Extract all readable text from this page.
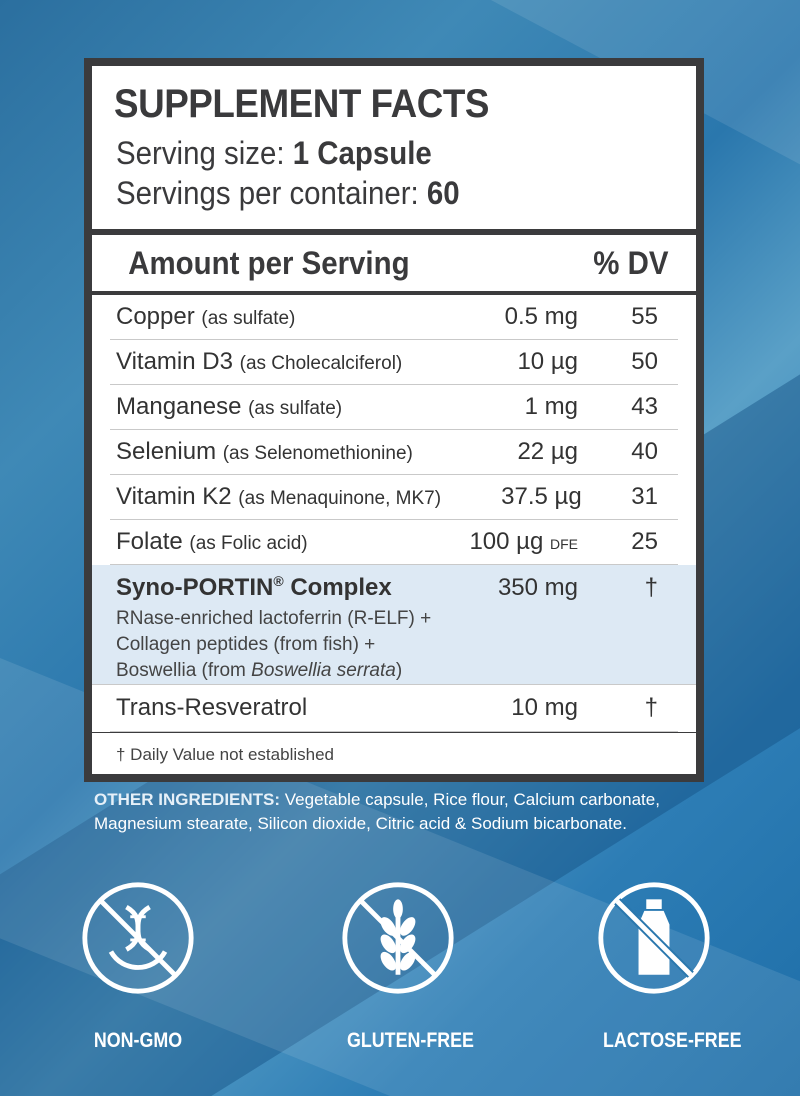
SUPPLEMENT FACTS
Serving size: 1 Capsule
Servings per container: 60
Amount per Serving	% DV
Copper (as sulfate)	0.5 mg	55
Vitamin D3 (as Cholecalciferol)	10 µg	50
Manganese (as sulfate)	1 mg	43
Selenium (as Selenomethionine)	22 µg	40
Vitamin K2 (as Menaquinone, MK7)	37.5 µg	31
Folate (as Folic acid)	100 µg DFE	25
Syno-PORTIN® Complex	350 mg	†
RNase-enriched lactoferrin (R-ELF) +
Collagen peptides (from fish) +
Boswellia (from Boswellia serrata)
Trans-Resveratrol	10 mg	†
† Daily Value not established
OTHER INGREDIENTS: Vegetable capsule, Rice flour, Calcium carbonate, Magnesium stearate, Silicon dioxide, Citric acid & Sodium bicarbonate.
NON-GMO	GLUTEN-FREE	LACTOSE-FREE
